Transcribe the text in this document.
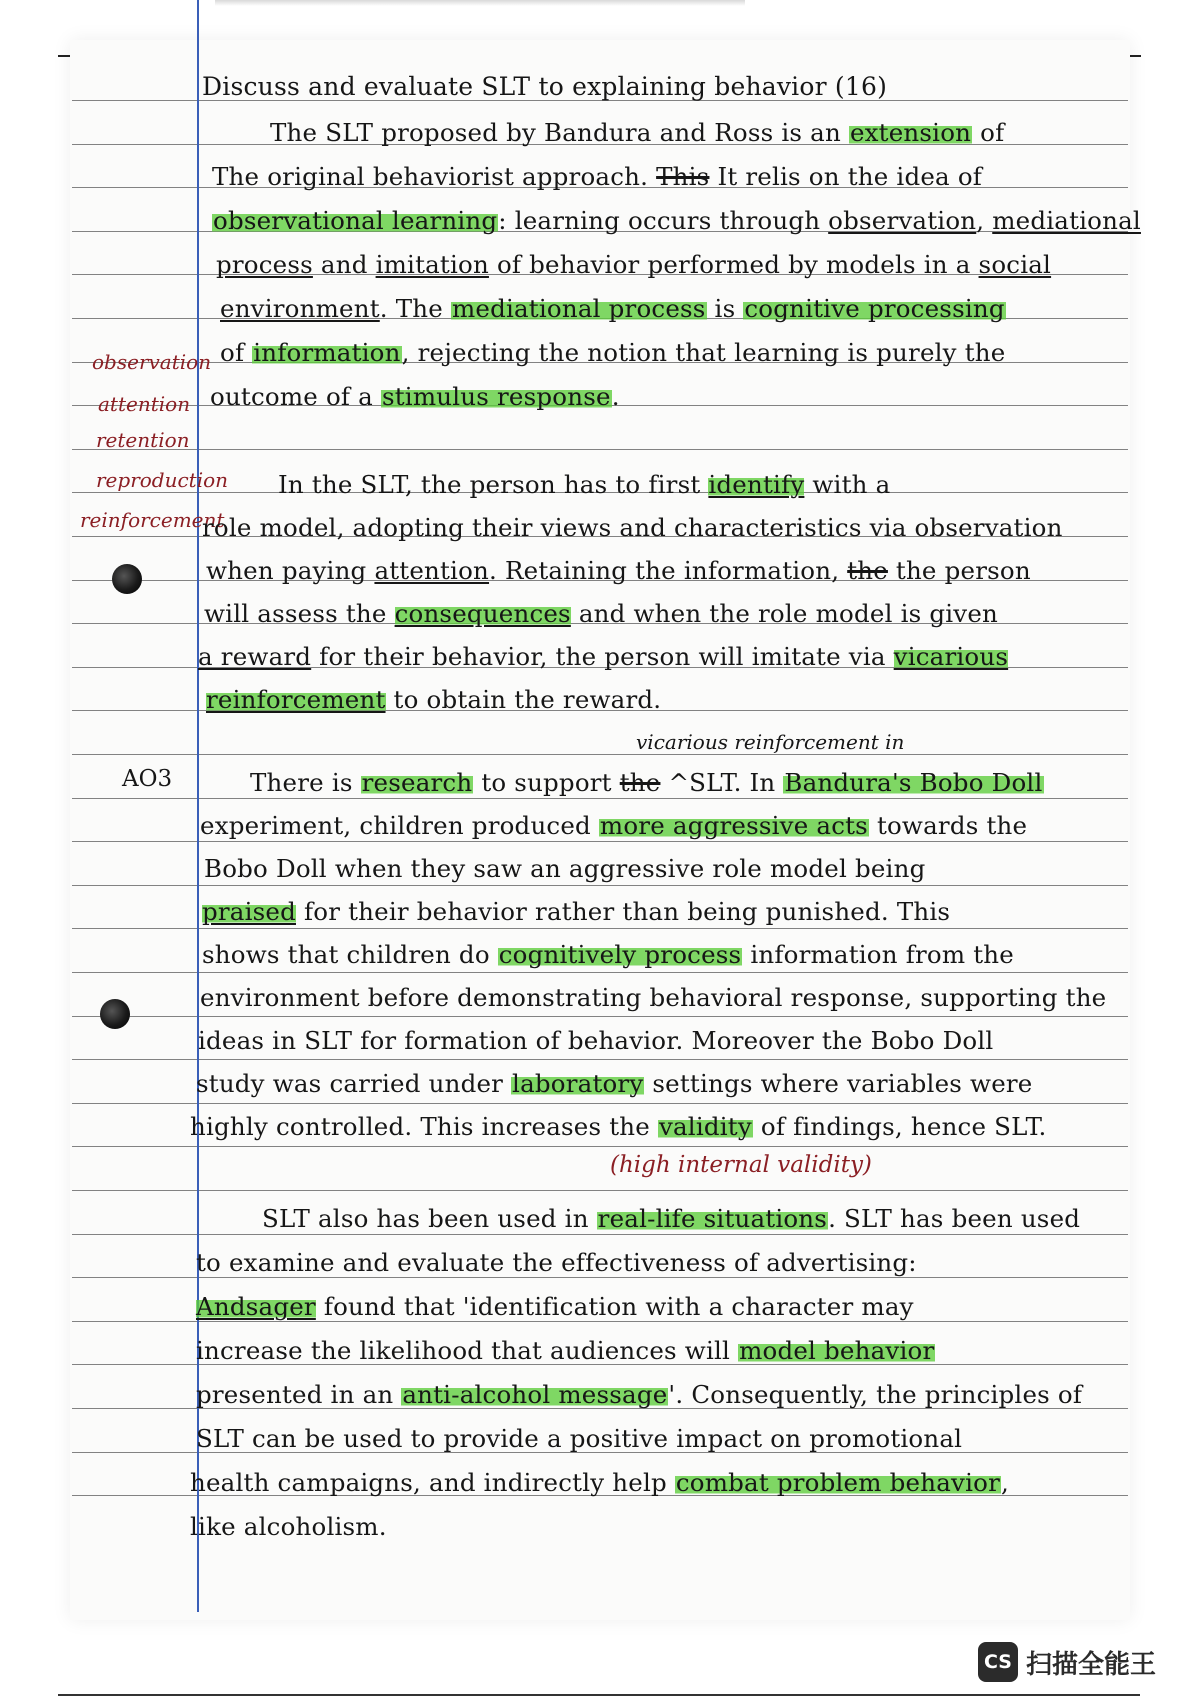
Discuss and evaluate SLT to explaining behavior (16)
The SLT proposed by Bandura and Ross is an extension of
The original behaviorist approach. This It relis on the idea of
observational learning: learning occurs through observation, mediational
process and imitation of behavior performed by models in a social
environment. The mediational process is cognitive processing
of information, rejecting the notion that learning is purely the
outcome of a stimulus response.
observation
attention
retention
reproduction
reinforcement
In the SLT, the person has to first identify with a
role model, adopting their views and characteristics via observation
when paying attention. Retaining the information, the the person
will assess the consequences and when the role model is given
a reward for their behavior, the person will imitate via vicarious
reinforcement to obtain the reward.
vicarious reinforcement in
AO3	There is research to support the ^SLT. In Bandura's Bobo Doll
experiment, children produced more aggressive acts towards the
Bobo Doll when they saw an aggressive role model being
praised for their behavior rather than being punished. This
shows that children do cognitively process information from the
environment before demonstrating behavioral response, supporting the
ideas in SLT for formation of behavior. Moreover the Bobo Doll
study was carried under laboratory settings where variables were
highly controlled. This increases the validity of findings, hence SLT.
(high internal validity)
SLT also has been used in real-life situations. SLT has been used
to examine and evaluate the effectiveness of advertising:
Andsager found that 'identification with a character may
increase the likelihood that audiences will model behavior
presented in an anti-alcohol message'. Consequently, the principles of
SLT can be used to provide a positive impact on promotional
health campaigns, and indirectly help combat problem behavior,
like alcoholism.
CS 扫描全能王
